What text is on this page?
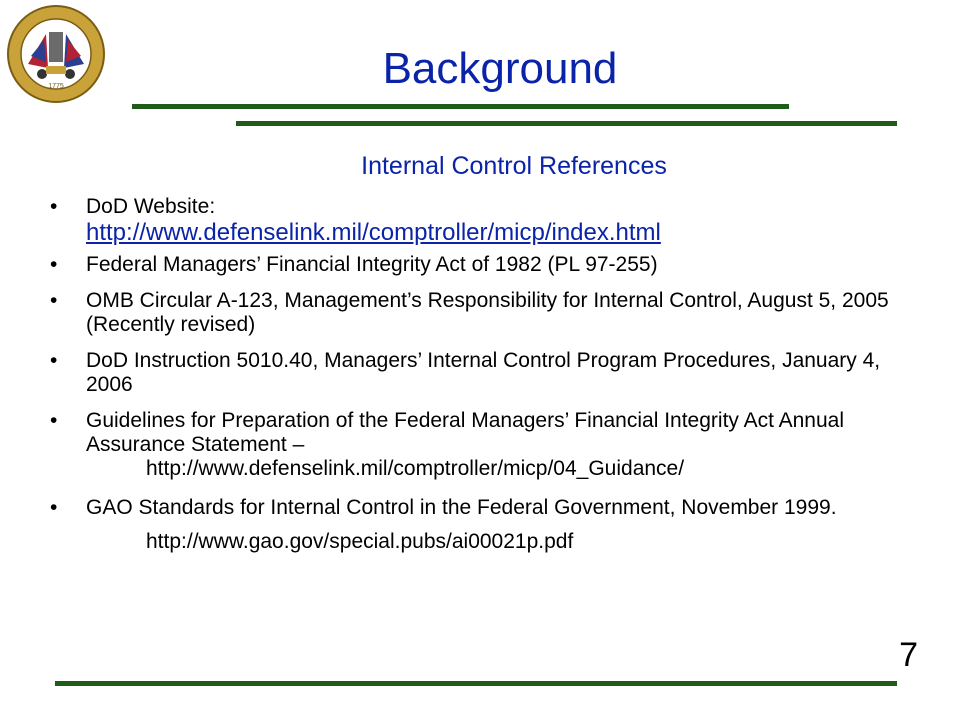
1775	Background
Internal Control References
• DoD Website:
http://www.defenselink.mil/comptroller/micp/index.html
• Federal Managers’ Financial Integrity Act of 1982 (PL 97-255)
• OMB Circular A-123, Management’s Responsibility for Internal Control, August 5, 2005 (Recently revised)
• DoD Instruction 5010.40, Managers’ Internal Control Program Procedures, January 4, 2006
• Guidelines for Preparation of the Federal Managers’ Financial Integrity Act Annual Assurance Statement –
http://www.defenselink.mil/comptroller/micp/04_Guidance/
• GAO Standards for Internal Control in the Federal Government, November 1999.
http://www.gao.gov/special.pubs/ai00021p.pdf
7
